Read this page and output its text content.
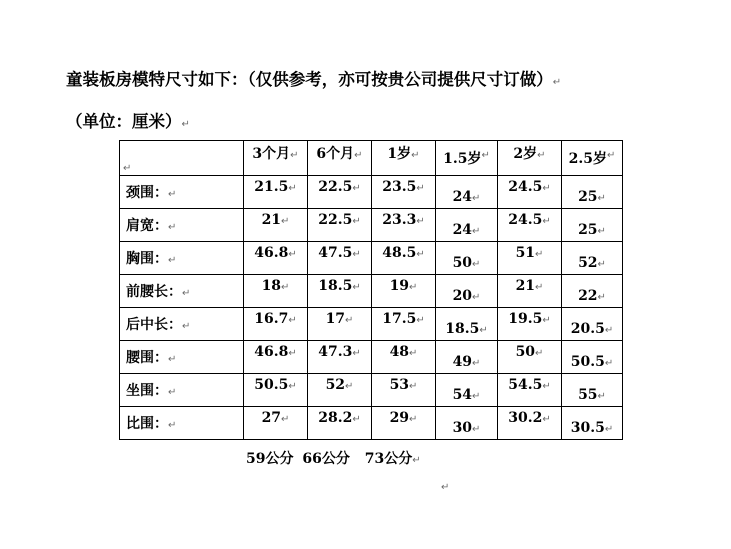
童装板房模特尺寸如下：（仅供参考，亦可按贵公司提供尺寸订做）↵
（单位：厘米）↵
↵	3个月↵	6个月↵	1岁↵	1.5岁↵	2岁↵	2.5岁↵
颈围：↵	21.5↵	22.5↵	23.5↵	$24_↵$	24.5↵	$25_↵$
肩宽：↵	21↵	22.5↵	23.3↵	$24_↵$	24.5↵	$25_↵$
胸围：↵	46.8↵	47.5↵	48.5↵	$50_↵$	51↵	$52_↵$
前腰长：↵	18↵	18.5↵	19↵	$20_↵$	21↵	$22_↵$
后中长：↵	16.7↵	17↵	17.5↵	$18.5_↵$	19.5↵	$20.5_↵$
腰围：↵	46.8↵	47.3↵	48↵	$49_↵$	50↵	$50.5_↵$
坐围：↵	50.5↵	52↵	53↵	$54_↵$	54.5↵	$55_↵$
比围：↵	27↵	28.2↵	29↵	$30_↵$	30.2↵	$30.5_↵$
59公分 66公分 73公分↵
↵
